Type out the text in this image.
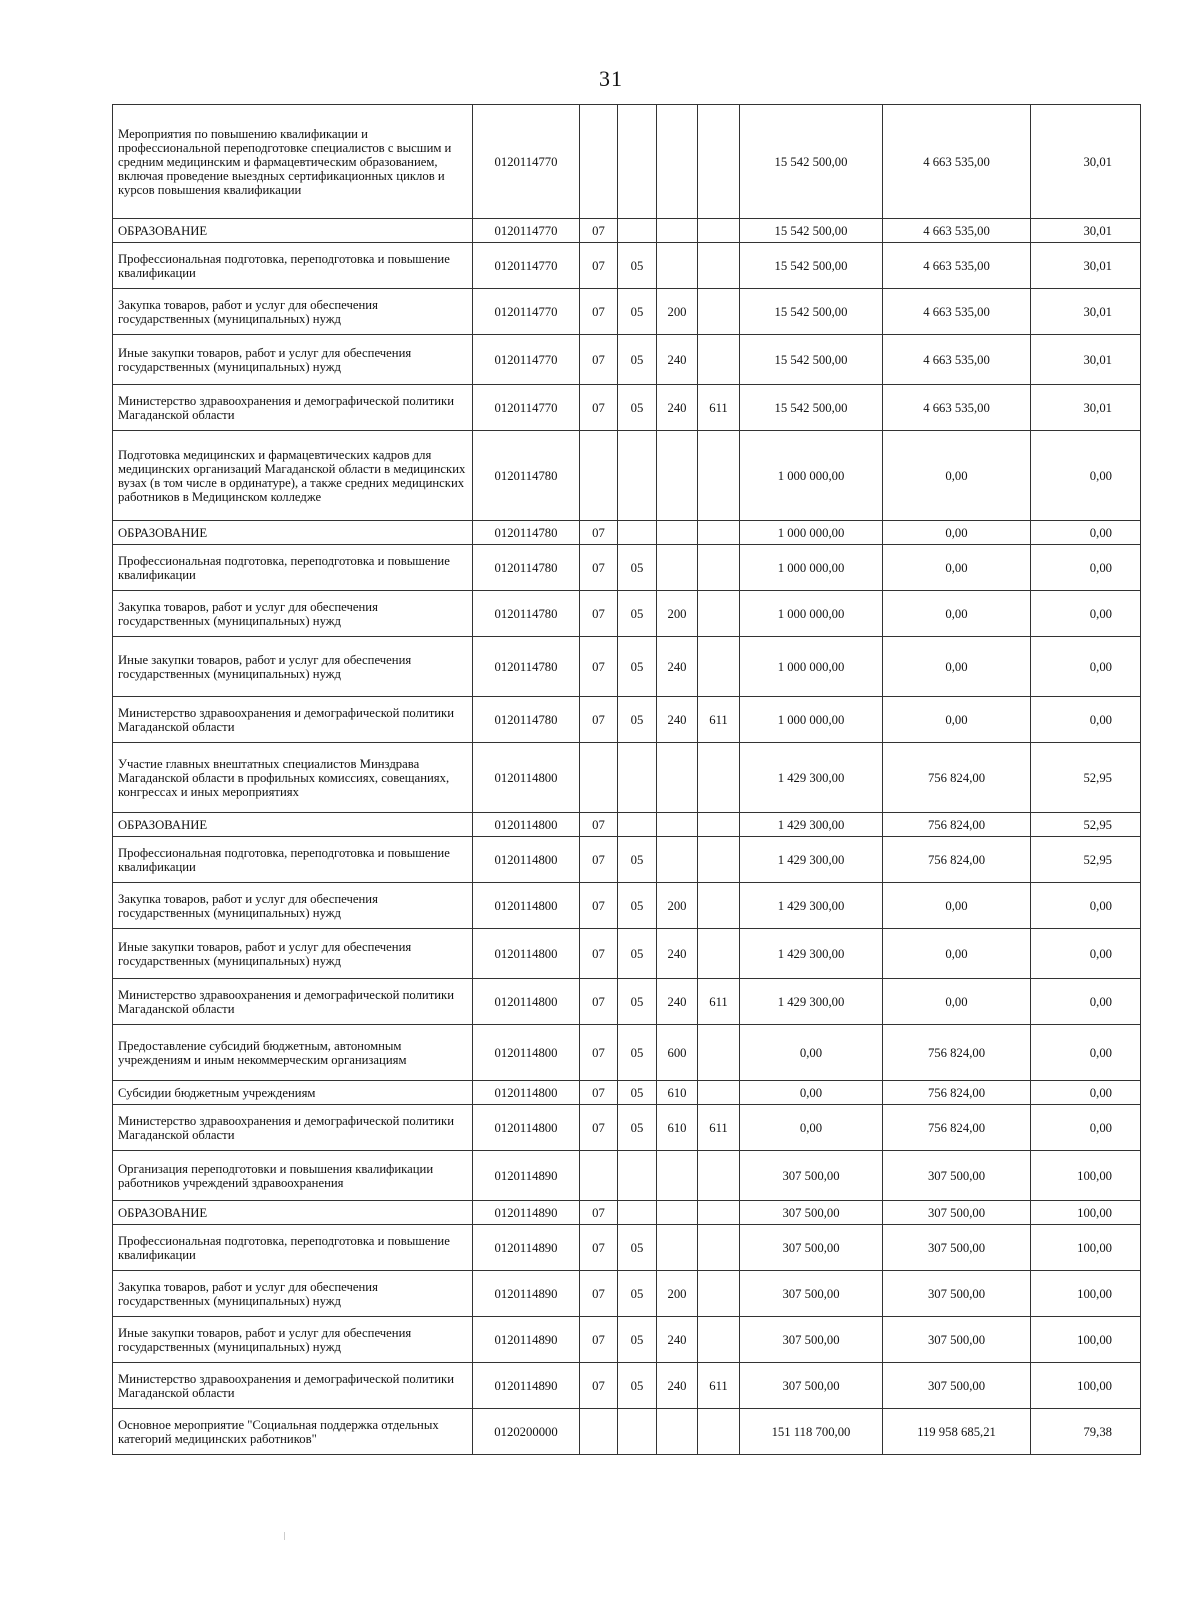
31
Мероприятия по повышению квалификации и профессиональной переподготовке специалистов с высшим и средним медицинским и фармацевтическим образованием, включая проведение выездных сертификационных циклов и курсов повышения квалификации	0120114770					15 542 500,00	4 663 535,00	30,01
ОБРАЗОВАНИЕ	0120114770	07				15 542 500,00	4 663 535,00	30,01
Профессиональная подготовка, переподготовка и повышение квалификации	0120114770	07	05			15 542 500,00	4 663 535,00	30,01
Закупка товаров, работ и услуг для обеспечения государственных (муниципальных) нужд	0120114770	07	05	200		15 542 500,00	4 663 535,00	30,01
Иные закупки товаров, работ и услуг для обеспечения государственных (муниципальных) нужд	0120114770	07	05	240		15 542 500,00	4 663 535,00	30,01
Министерство здравоохранения и демографической политики Магаданской области	0120114770	07	05	240	611	15 542 500,00	4 663 535,00	30,01
Подготовка медицинских и фармацевтических кадров для медицинских организаций Магаданской области в медицинских вузах (в том числе в ординатуре), а также средних медицинских работников в Медицинском колледже	0120114780					1 000 000,00	0,00	0,00
ОБРАЗОВАНИЕ	0120114780	07				1 000 000,00	0,00	0,00
Профессиональная подготовка, переподготовка и повышение квалификации	0120114780	07	05			1 000 000,00	0,00	0,00
Закупка товаров, работ и услуг для обеспечения государственных (муниципальных) нужд	0120114780	07	05	200		1 000 000,00	0,00	0,00
Иные закупки товаров, работ и услуг для обеспечения государственных (муниципальных) нужд	0120114780	07	05	240		1 000 000,00	0,00	0,00
Министерство здравоохранения и демографической политики Магаданской области	0120114780	07	05	240	611	1 000 000,00	0,00	0,00
Участие главных внештатных специалистов Минздрава Магаданской области в профильных комиссиях, совещаниях, конгрессах и иных мероприятиях	0120114800					1 429 300,00	756 824,00	52,95
ОБРАЗОВАНИЕ	0120114800	07				1 429 300,00	756 824,00	52,95
Профессиональная подготовка, переподготовка и повышение квалификации	0120114800	07	05			1 429 300,00	756 824,00	52,95
Закупка товаров, работ и услуг для обеспечения государственных (муниципальных) нужд	0120114800	07	05	200		1 429 300,00	0,00	0,00
Иные закупки товаров, работ и услуг для обеспечения государственных (муниципальных) нужд	0120114800	07	05	240		1 429 300,00	0,00	0,00
Министерство здравоохранения и демографической политики Магаданской области	0120114800	07	05	240	611	1 429 300,00	0,00	0,00
Предоставление субсидий бюджетным, автономным учреждениям и иным некоммерческим организациям	0120114800	07	05	600		0,00	756 824,00	0,00
Субсидии бюджетным учреждениям	0120114800	07	05	610		0,00	756 824,00	0,00
Министерство здравоохранения и демографической политики Магаданской области	0120114800	07	05	610	611	0,00	756 824,00	0,00
Организация переподготовки и повышения квалификации работников учреждений здравоохранения	0120114890					307 500,00	307 500,00	100,00
ОБРАЗОВАНИЕ	0120114890	07				307 500,00	307 500,00	100,00
Профессиональная подготовка, переподготовка и повышение квалификации	0120114890	07	05			307 500,00	307 500,00	100,00
Закупка товаров, работ и услуг для обеспечения государственных (муниципальных) нужд	0120114890	07	05	200		307 500,00	307 500,00	100,00
Иные закупки товаров, работ и услуг для обеспечения государственных (муниципальных) нужд	0120114890	07	05	240		307 500,00	307 500,00	100,00
Министерство здравоохранения и демографической политики Магаданской области	0120114890	07	05	240	611	307 500,00	307 500,00	100,00
Основное мероприятие "Социальная поддержка отдельных категорий медицинских работников"	0120200000					151 118 700,00	119 958 685,21	79,38
